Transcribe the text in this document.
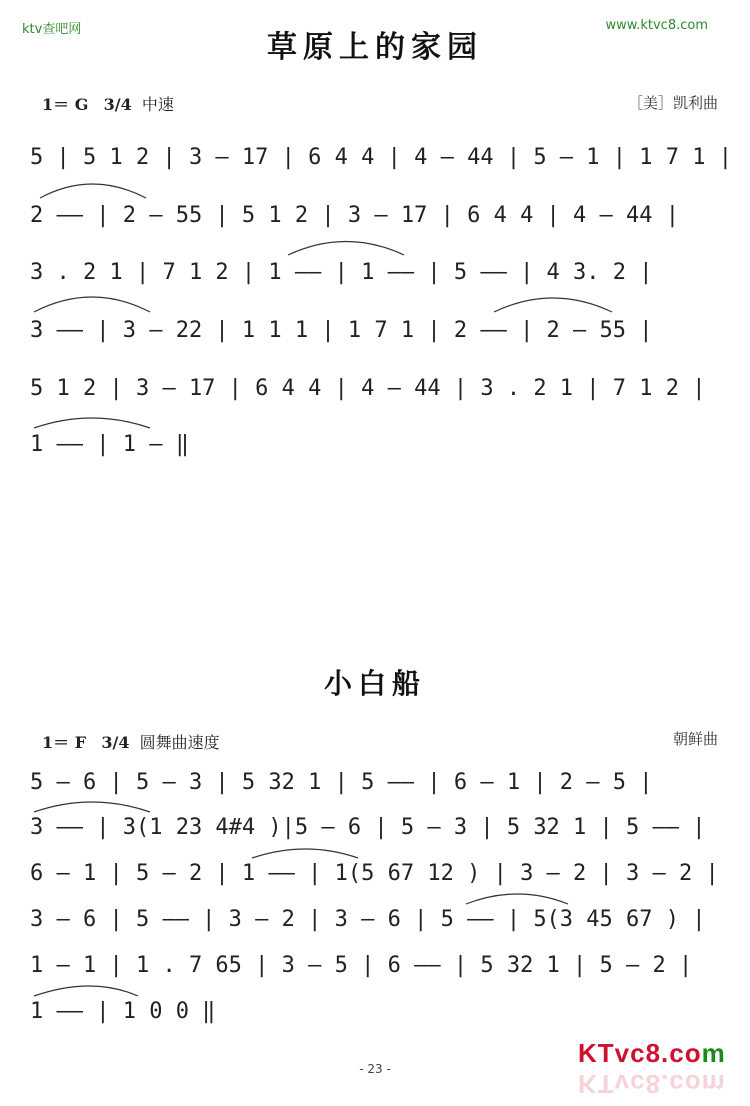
ktv查吧网	www.ktvc8.com
草原上的家园
1＝ G 3/4 中速	［美］凯利曲
5 | 5 1 2 | 3 — 17 | 6 4 4 | 4 — 44 | 5 — 1 | 1 7 1 |
2 —— | 2 — 55 | 5 1 2 | 3 — 17 | 6 4 4 | 4 — 44 |
3 . 2 1 | 7 1 2 | 1 —— | 1 —— | 5 —— | 4 3. 2 |
3 —— | 3 — 22 | 1 1 1 | 1 7 1 | 2 —— | 2 — 55 |
5 1 2 | 3 — 17 | 6 4 4 | 4 — 44 | 3 . 2 1 | 7 1 2 |
1 —— | 1 — ‖
小白船
1＝ F 3/4 圆舞曲速度	朝鲜曲
5 — 6 | 5 — 3 | 5 32 1 | 5 —— | 6 — 1 | 2 — 5 |
3 —— | 3(1 23 4#4 )|5 — 6 | 5 — 3 | 5 32 1 | 5 —— |
6 — 1 | 5 — 2 | 1 —— | 1(5 67 12 ) | 3 — 2 | 3 — 2 |
3 — 6 | 5 —— | 3 — 2 | 3 — 6 | 5 —— | 5(3 45 67 ) |
1 — 1 | 1 . 7 65 | 3 — 5 | 6 —— | 5 32 1 | 5 — 2 |
1 —— | 1 0 0 ‖
- 23 -
KTvc8.com
KTvc8.com
